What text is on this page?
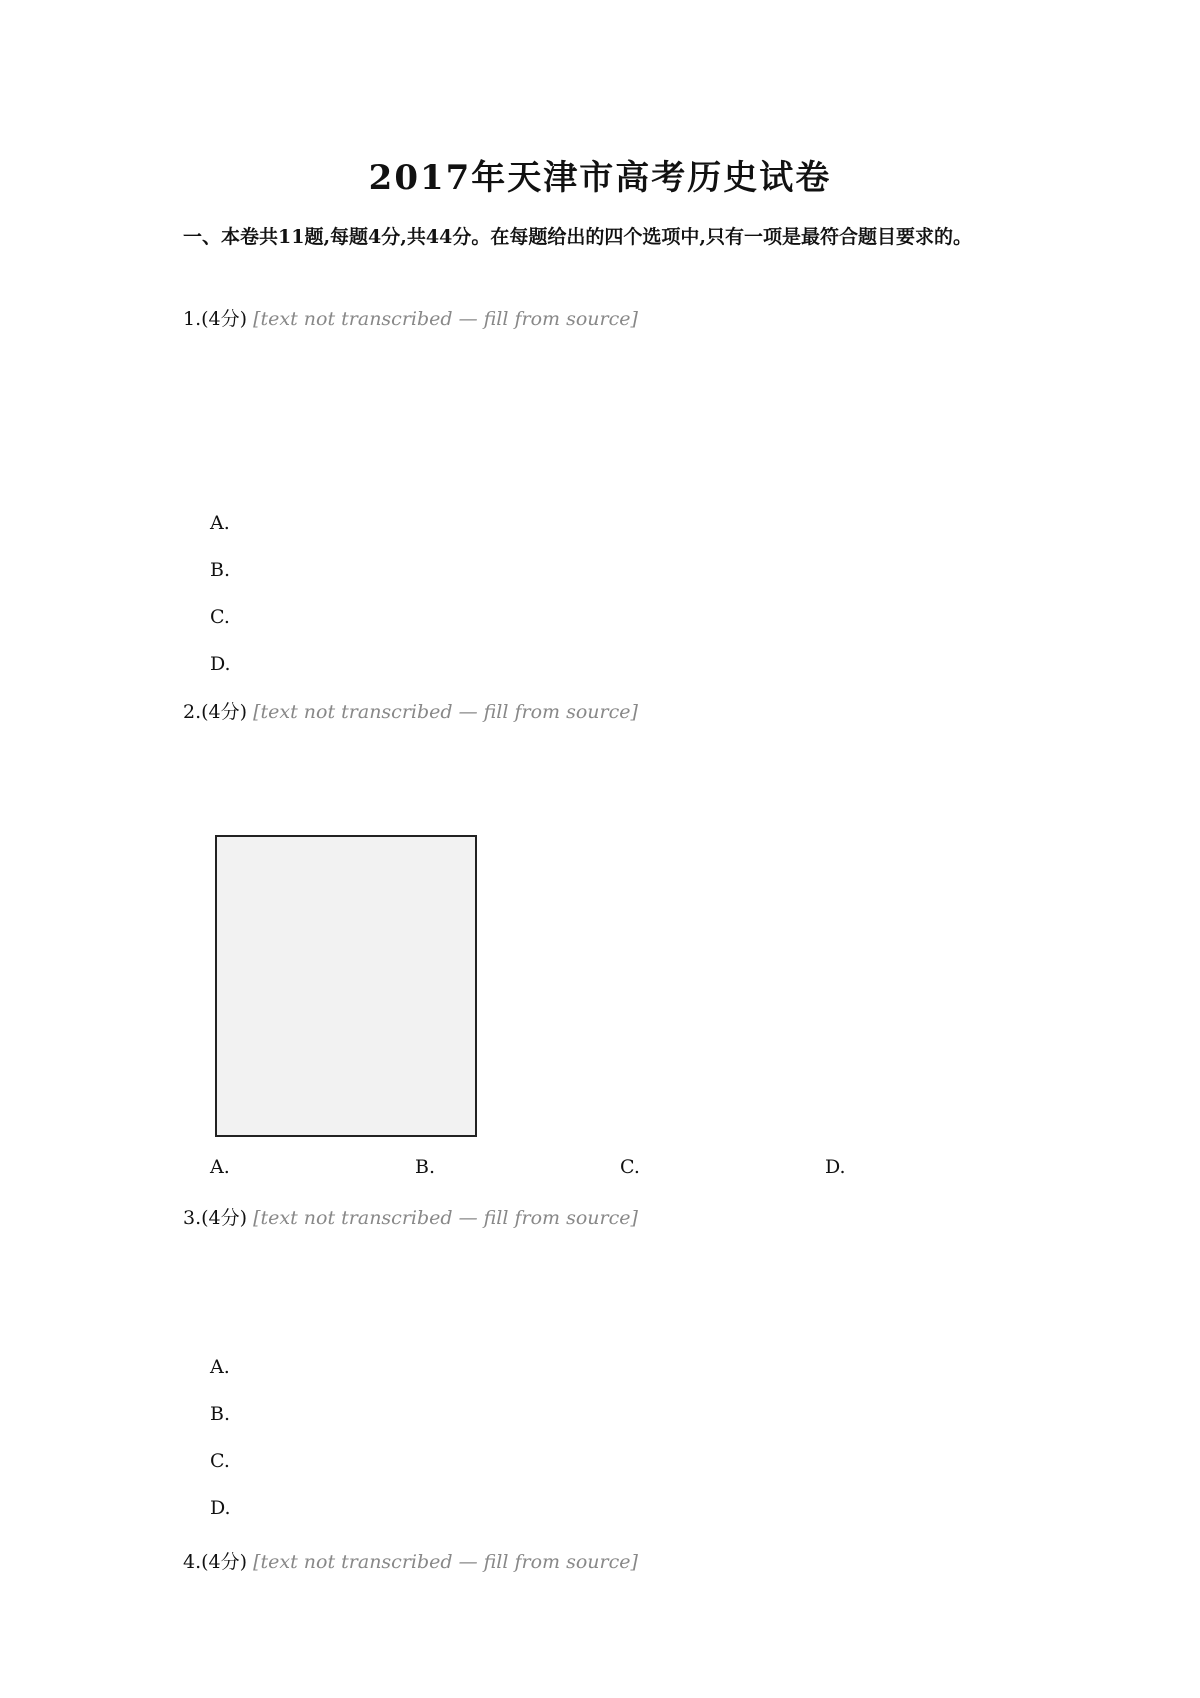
2017年天津市高考历史试卷
一、本卷共11题,每题4分,共44分。在每题给出的四个选项中,只有一项是最符合题目要求的。
1.(4分) [text not transcribed — fill from source]
A.
B.
C.
D.
2.(4分) [text not transcribed — fill from source]
A.	B.	C.	D.
3.(4分) [text not transcribed — fill from source]
A.
B.
C.
D.
4.(4分) [text not transcribed — fill from source]
